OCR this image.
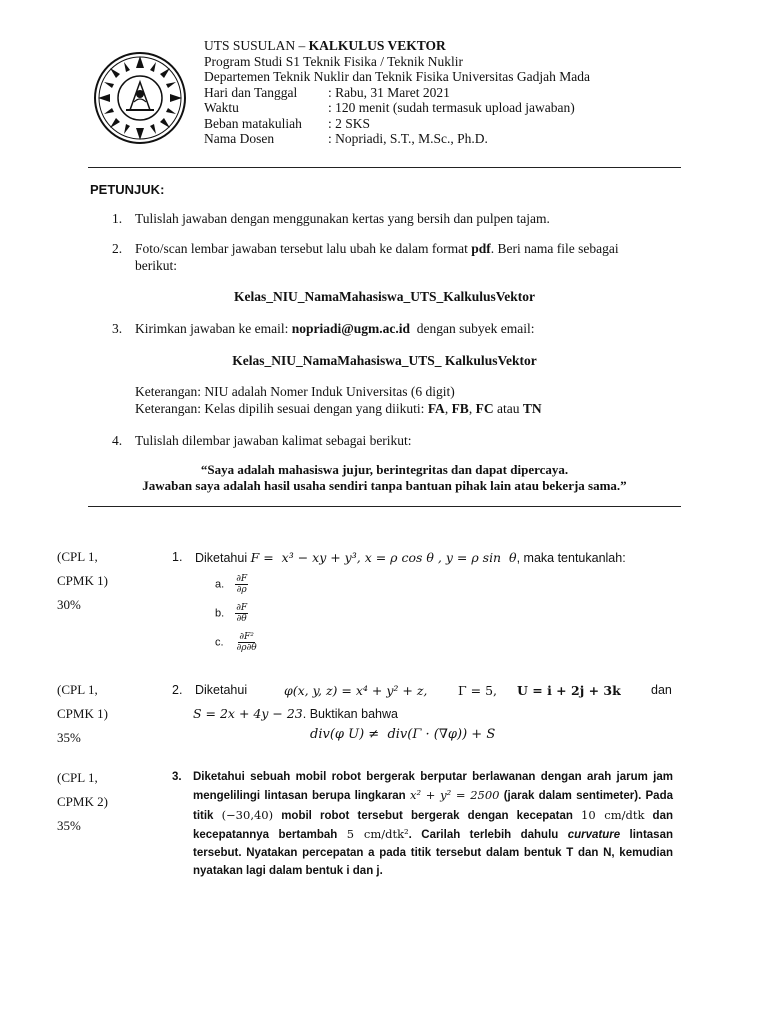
UTS SUSULAN – KALKULUS VEKTOR
Program Studi S1 Teknik Fisika / Teknik Nuklir
Departemen Teknik Nuklir dan Teknik Fisika Universitas Gadjah Mada
Hari dan Tanggal	: Rabu, 31 Maret 2021
Waktu	: 120 menit (sudah termasuk upload jawaban)
Beban matakuliah	: 2 SKS
Nama Dosen	: Nopriadi, S.T., M.Sc., Ph.D.
PETUNJUK:
1. Tulislah jawaban dengan menggunakan kertas yang bersih dan pulpen tajam.
2. Foto/scan lembar jawaban tersebut lalu ubah ke dalam format pdf. Beri nama file sebagai
berikut:
Kelas_NIU_NamaMahasiswa_UTS_KalkulusVektor
3. Kirimkan jawaban ke email: nopriadi@ugm.ac.id  dengan subyek email:
Kelas_NIU_NamaMahasiswa_UTS_ KalkulusVektor
Keterangan: NIU adalah Nomer Induk Universitas (6 digit)
Keterangan: Kelas dipilih sesuai dengan yang diikuti: FA, FB, FC atau TN
4. Tulislah dilembar jawaban kalimat sebagai berikut:
“Saya adalah mahasiswa jujur, berintegritas dan dapat dipercaya.
Jawaban saya adalah hasil usaha sendiri tanpa bantuan pihak lain atau bekerja sama.”
(CPL 1,
CPMK 1)
30%
1. Diketahui F =  x³ − xy + y³, x = ρ cos θ , y = ρ sin  θ, maka tentukanlah:
a. $\frac{\partial F}{\partial\rho}$
b. $\frac{\partial F}{\partial\theta}$
c. $\frac{\text{∂F²}}{\partial\rho\partial\theta}$
(CPL 1,
CPMK 1)
35%
2. Diketahui	φ(x, y, z) = x⁴ + y² + z, Γ = 5, U = i + 2j + 3k dan
S = 2x + 4y − 23. Buktikan bahwa
div(φ U) ≠  div(Γ · (∇φ)) + S
(CPL 1,
CPMK 2)
35%
3. Diketahui sebuah mobil robot bergerak berputar berlawanan dengan arah jarum jam mengelilingi lintasan berupa lingkaran x² + y² = 2500 (jarak dalam sentimeter). Pada titik (−30,40) mobil robot tersebut bergerak dengan kecepatan 10 cm/dtk dan kecepatannya bertambah 5 cm/dtk². Carilah terlebih dahulu curvature lintasan tersebut. Nyatakan percepatan a pada titik tersebut dalam bentuk T dan N, kemudian nyatakan lagi dalam bentuk i dan j.
